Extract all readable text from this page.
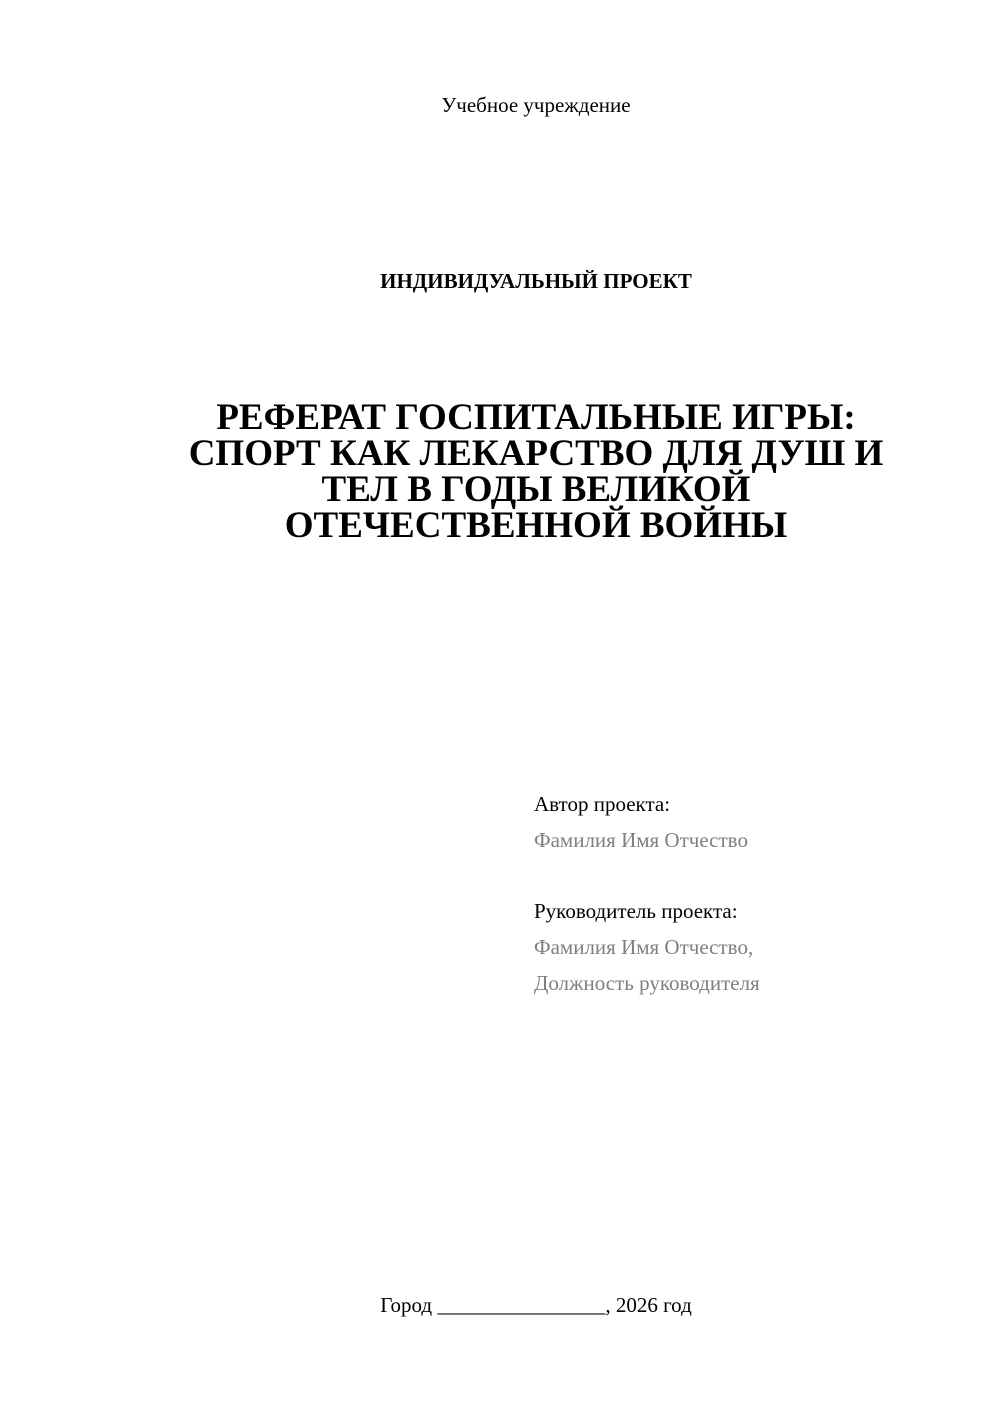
Учебное учреждение
ИНДИВИДУАЛЬНЫЙ ПРОЕКТ
РЕФЕРАТ ГОСПИТАЛЬНЫЕ ИГРЫ:
СПОРТ КАК ЛЕКАРСТВО ДЛЯ ДУШ И
ТЕЛ В ГОДЫ ВЕЛИКОЙ
ОТЕЧЕСТВЕННОЙ ВОЙНЫ
Автор проекта:
Фамилия Имя Отчество
Руководитель проекта:
Фамилия Имя Отчество,
Должность руководителя
Город ________________, 2026 год
